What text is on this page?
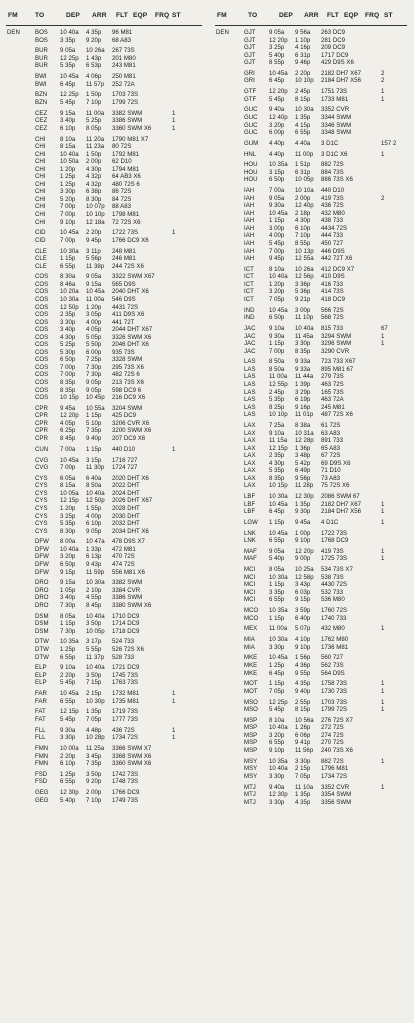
FM	TO	DEP ARR FLT EQP FRQ ST	FM	TO	DEP ARR FLT EQP FRQ ST
DEN BOS 10 40a 4 35p 96 M81
BOS 3 35p 9 20p 68 A83
BUR 9 05a 10 26a 267 73S
BUR 12 25p 1 43p 201 M80
BUR 5 35p 6 53p 243 M81
BWI 10 45a 4 06p 250 M81
BWI 6 45p 11 57p 252 72A
BZN 12 25p 1 50p 1703 73S
BZN 5 45p 7 10p 1799 72S
CEZ 9 15a 11 00a 3382 SWM	1
CEZ 3 40p 5 25p 3386 SWM	1
CEZ 6 10p 8 05p 3360 SWM X6	1
CHI 8 10a 11 20a 1790 M81 X7
CHI 8 15a 11 23a 80 72S
CHI 10 40a 1 50p 1792 M81
CHI 10 50a 2 00p 62 D10
CHI 1 20p 4 30p 1794 M81
CHI 1 25p 4 32p 64 AB3 X6
CHI 1 25p 4 32p 480 72S 6
CHI 3 30p 6 38p 86 72S
CHI 5 20p 8 30p 84 72S
CHI 7 00p 10 07p 88 A83
CHI 7 00p 10 10p 1798 M81
CHI 9 10p 12 18a 72 72S X6
CID 10 45a 2 20p 1722 73S	1
CID 7 00p 9 45p 1766 DC9 X6
CLE 10 30a 3 11p 248 M81
CLE 1 15p 5 56p 246 M81
CLE 6 55p 11 38p 244 72S X6
COS 8 30a 9 05a 3322 SWM X67
COS 8 46a 9 15a 565 D9S
COS 10 20a 10 45a 2040 DHT X6
COS 10 30a 11 00a 546 D9S
COS 12 50p 1 20p 4431 72S
COS 2 35p 3 05p 411 D9S X6
COS 3 30p 4 00p 441 72T
COS 3 40p 4 05p 2044 DHT X67
COS 4 30p 5 05p 3326 SWM X6
COS 5 25p 5 50p 2046 DHT X6
COS 5 30p 6 00p 935 73S
COS 6 50p 7 25p 3328 SWM
COS 7 00p 7 30p 295 73S X6
COS 7 00p 7 30p 482 72S 6
COS 8 35p 9 05p 213 73S X6
COS 8 35p 9 05p 598 DC9 6
COS 10 15p 10 45p 216 DC9 X6
CPR 9 45a 10 55a 3204 SWM
CPR 12 20p 1 15p 425 DC9
CPR 4 05p 5 10p 3206 CVR X6
CPR 6 25p 7 35p 3200 SWM X6
CPR 8 45p 9 40p 207 DC9 X6
CUN 7 00a 1 15p 440 D10	1
CVG 10 45a 3 15p 1716 727
CVG 7 00p 11 30p 1724 727
CYS 6 05a 6 40a 2020 DHT X6
CYS 8 15a 8 50a 2022 DHT
CYS 10 05a 10 40a 2024 DHT
CYS 12 15p 12 50p 2026 DHT X67
CYS 1 20p 1 55p 2028 DHT
CYS 3 25p 4 00p 2030 DHT
CYS 5 35p 6 10p 2032 DHT
CYS 8 30p 9 05p 2034 DHT X6
DFW 8 00a 10 47a 478 D9S X7
DFW 10 40a 1 33p 472 M81
DFW 3 20p 6 13p 470 72S
DFW 6 50p 9 43p 474 72S
DFW 9 15p 11 59p 556 M81 X6
DRO 9 15a 10 30a 3382 SWM
DRO 1 05p 2 10p 3384 CVR
DRO 3 40p 4 55p 3386 SWM
DRO 7 30p 8 45p 3380 SWM X6
DSM 8 05a 10 40a 1710 DC9
DSM 1 15p 3 50p 1714 DC9
DSM 7 30p 10 05p 1718 DC9
DTW 10 35a 3 17p 524 733
DTW 1 25p 5 55p 526 72S X6
DTW 6 55p 11 37p 528 733
ELP 9 10a 10 40a 1721 DC9
ELP 2 20p 3 50p 1745 73S
ELP 5 45p 7 15p 1763 73S
FAR 10 45a 2 15p 1732 M81	1
FAR 6 55p 10 30p 1735 M81	1
FAT 12 15p 1 35p 1719 73S
FAT 5 45p 7 05p 1777 73S
FLL 9 30a 4 48p 436 72S	1
FLL 3 30p 10 28p 1734 72S	1
FMN 10 00a 11 25a 3366 SWM X7
FMN 2 20p 3 45p 3368 SWM X6
FMN 6 10p 7 35p 3360 SWM X6
FSD 1 25p 3 50p 1742 73S
FSD 6 55p 9 20p 1748 73S
GEG 12 30p 2 00p 1766 DC9
GEG 5 40p 7 10p 1749 73S
DEN GJT 9 05a 9 56a 263 DC9
GJT 12 20p 1 10p 281 DC9
GJT 3 25p 4 16p 209 DC9
GJT 5 40p 6 31p 1717 DC9
GJT 8 55p 9 46p 429 D9S X6
GRI 10 45a 2 20p 2182 DH7 X67	2
GRI 6 45p 10 10p 2184 DH7 X56	2
GTF 12 20p 2 45p 1751 73S	1
GTF 5 45p 8 15p 1733 M81	1
GUC 9 40a 10 30a 3352 CVR
GUC 12 40p 1 35p 3344 SWM
GUC 3 20p 4 15p 3346 SWM
GUC 6 00p 6 55p 3348 SWM
GUM 4 40p 4 40a 3 D1C	157 2
HNL 4 40p 11 00p 3 D1C X6	1
HOU 10 35a 1 51p 882 72S
HOU 3 15p 6 31p 884 73S
HOU 6 50p 10 05p 886 73S X6
IAH 7 00a 10 10a 440 D10
IAH 9 05a 2 00p 419 73S	2
IAH 9 30a 12 40p 436 72S
IAH 10 45a 2 18p 432 M80
IAH 1 15p 4 30p 438 733
IAH 3 00p 6 10p 4434 72S
IAH 4 00p 7 10p 444 733
IAH 5 45p 8 55p 450 727
IAH 7 00p 10 13p 446 D9S
IAH 9 45p 12 55a 442 72T X6
ICT 8 10a 10 26a 412 DC9 X7
ICT 10 40a 12 56p 410 D9S
ICT 1 20p 3 36p 416 733
ICT 3 20p 5 36p 414 73S
ICT 7 05p 9 21p 418 DC9
IND 10 45a 3 00p 566 72S
IND 6 50p 11 10p 568 72S
JAC 9 10a 10 40a 815 733	67
JAC 9 30a 11 45a 3294 SWM	1
JAC 1 15p 3 30p 3296 SWM	1
JAC 7 00p 8 35p 3290 CVR
LAS 8 50a 9 33a 723 733 X67
LAS 8 50a 9 33a 895 M81 67
LAS 11 00a 11 44a 279 73S
LAS 12 55p 1 39p 463 72S
LAS 2 45p 3 29p 165 73S
LAS 5 35p 6 19p 463 72A
LAS 8 25p 9 16p 245 M81
LAS 10 10p 11 01p 487 72S X6
LAX 7 25a 8 38a 61 72S
LAX 9 10a 10 31a 63 A83
LAX 11 15a 12 28p 891 733
LAX 12 15p 1 36p 65 A83
LAX 2 35p 3 48p 67 72S
LAX 4 30p 5 42p 69 D9S X6
LAX 5 35p 6 49p 71 D10
LAX 8 35p 9 56p 73 A83
LAX 10 15p 11 28p 75 72S X6
LBF 10 30a 12 30p 2086 SWM 67
LBF 10 45a 1 35p 2182 DH7 X67	1
LBF 6 45p 9 30p 2184 DH7 X56	1
LGW 1 15p 9 45a 4 D1C	1
LNK 10 45a 1 00p 1722 73S
LNK 6 55p 9 10p 1768 DC9
MAF 9 05a 12 20p 419 73S	1
MAF 5 40p 9 00p 1725 73S	1
MCI 8 05a 10 25a 534 73S X7
MCI 10 30a 12 58p 538 73S
MCI 1 15p 3 43p 4430 72S
MCI 3 35p 6 03p 532 733
MCI 6 55p 9 15p 536 M80
MCO 10 35a 3 59p 1760 72S
MCO 1 15p 6 40p 1740 733
MEX 11 00a 5 07p 432 M80	1
MIA 10 30a 4 10p 1762 M80
MIA 3 30p 9 10p 1736 M81
MKE 10 45a 1 56p 560 727
MKE 1 25p 4 36p 562 73S
MKE 6 45p 9 55p 564 D9S
MOT 1 15p 4 35p 1758 73S	1
MOT 7 05p 9 40p 1730 73S	1
MSO 12 25p 2 55p 1703 73S	1
MSO 5 45p 8 15p 1799 72S	1
MSP 8 10a 10 56a 276 72S X7
MSP 10 40a 1 26p 272 72S
MSP 3 20p 6 06p 274 72S
MSP 6 55p 9 41p 270 72S
MSP 9 10p 11 56p 240 73S X6
MSY 10 35a 3 30p 882 72S	1
MSY 10 40a 2 15p 1796 M81
MSY 3 30p 7 05p 1734 72S
MTJ 9 40a 11 10a 3352 CVR	1
MTJ 12 30p 1 35p 3354 SWM
MTJ 3 30p 4 35p 3356 SWM
